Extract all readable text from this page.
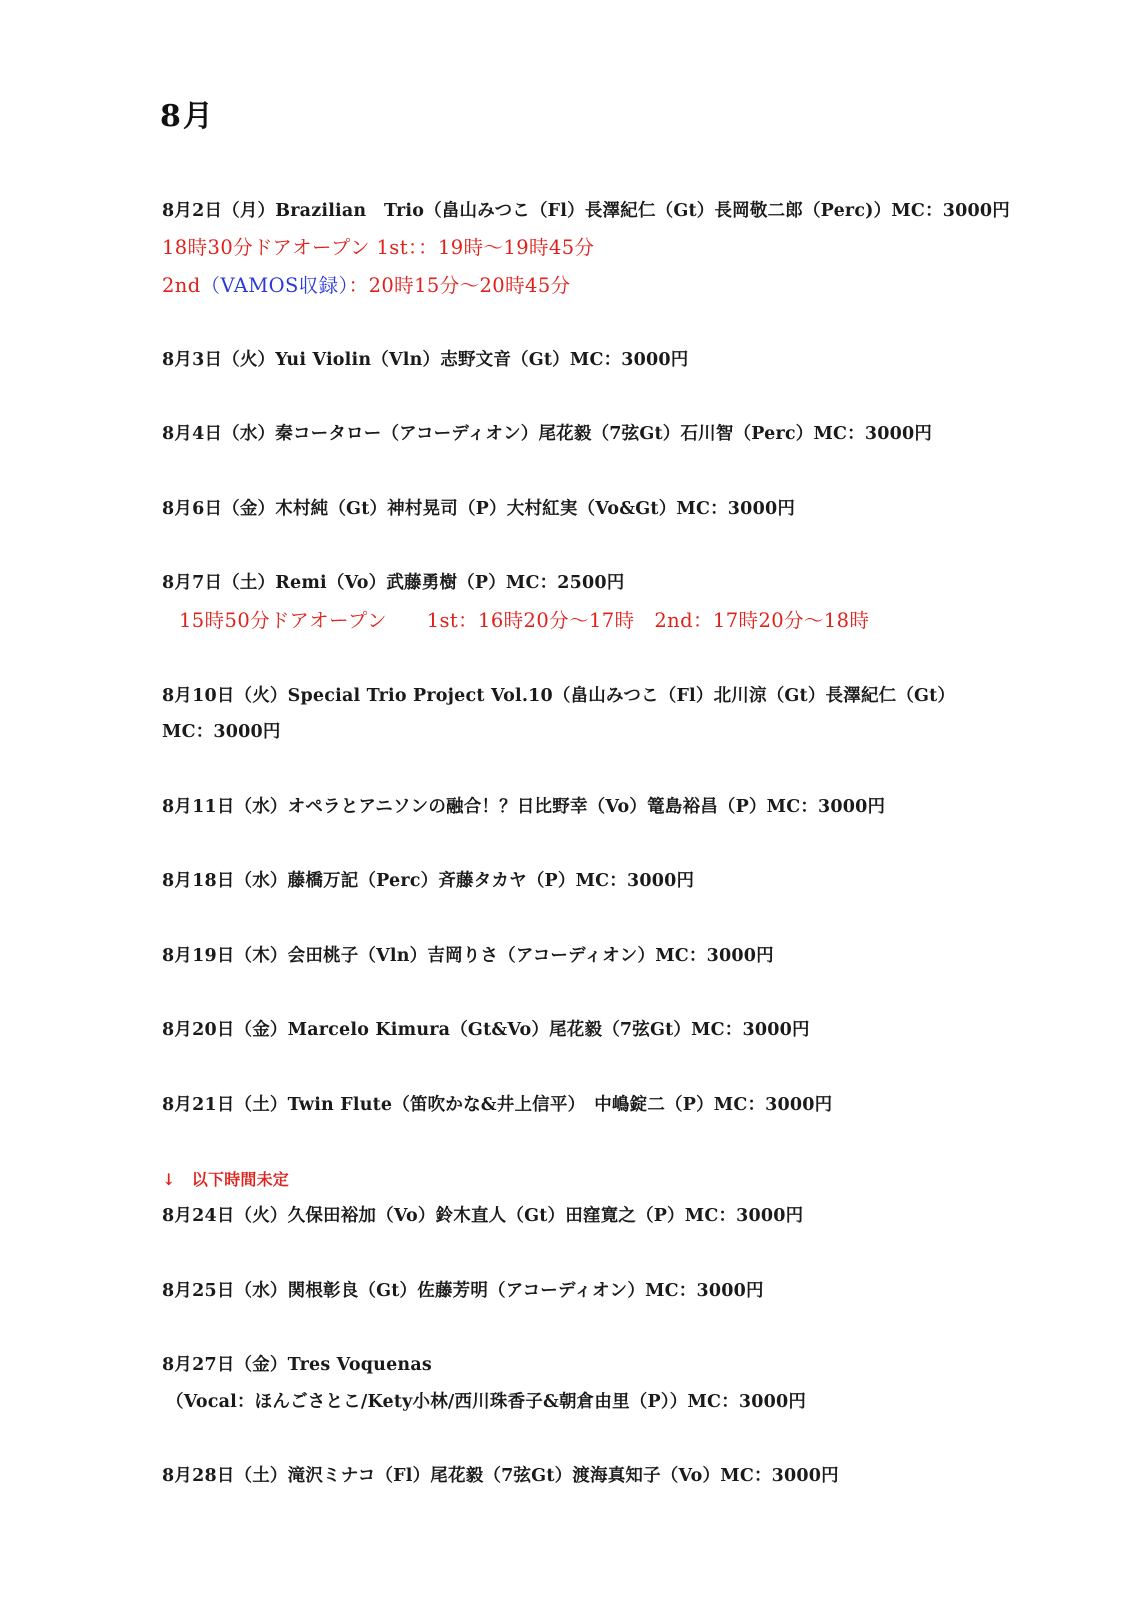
8月
8月2日（月）Brazilian　Trio（畠山みつこ（Fl）長澤紀仁（Gt）長岡敬二郎（Perc)）MC：3000円
18時30分ドアオープン 1st：：19時～19時45分
2nd（VAMOS収録）：20時15分～20時45分
8月3日（火）Yui Violin（Vln）志野文音（Gt）MC：3000円
8月4日（水）秦コータロー（アコーディオン）尾花毅（7弦Gt）石川智（Perc）MC：3000円
8月6日（金）木村純（Gt）神村晃司（P）大村紅実（Vo&Gt）MC：3000円
8月7日（土）Remi（Vo）武藤勇樹（P）MC：2500円
15時50分ドアオープン　　1st：16時20分～17時　2nd：17時20分～18時
8月10日（火）Special Trio Project Vol.10（畠山みつこ（Fl）北川涼（Gt）長澤紀仁（Gt）
MC：3000円
8月11日（水）オペラとアニソンの融合！？日比野幸（Vo）篭島裕昌（P）MC：3000円
8月18日（水）藤橋万記（Perc）斉藤タカヤ（P）MC：3000円
8月19日（木）会田桃子（Vln）吉岡りさ（アコーディオン）MC：3000円
8月20日（金）Marcelo Kimura（Gt&Vo）尾花毅（7弦Gt）MC：3000円
8月21日（土）Twin Flute（笛吹かな&井上信平）　中嶋錠二（P）MC：3000円
↓　以下時間未定
8月24日（火）久保田裕加（Vo）鈴木直人（Gt）田窪寛之（P）MC：3000円
8月25日（水）関根彰良（Gt）佐藤芳明（アコーディオン）MC：3000円
8月27日（金）Tres Voquenas
（Vocal：ほんごさとこ/Kety小林/西川珠香子&朝倉由里（P））MC：3000円
8月28日（土）滝沢ミナコ（Fl）尾花毅（7弦Gt）渡海真知子（Vo）MC：3000円
